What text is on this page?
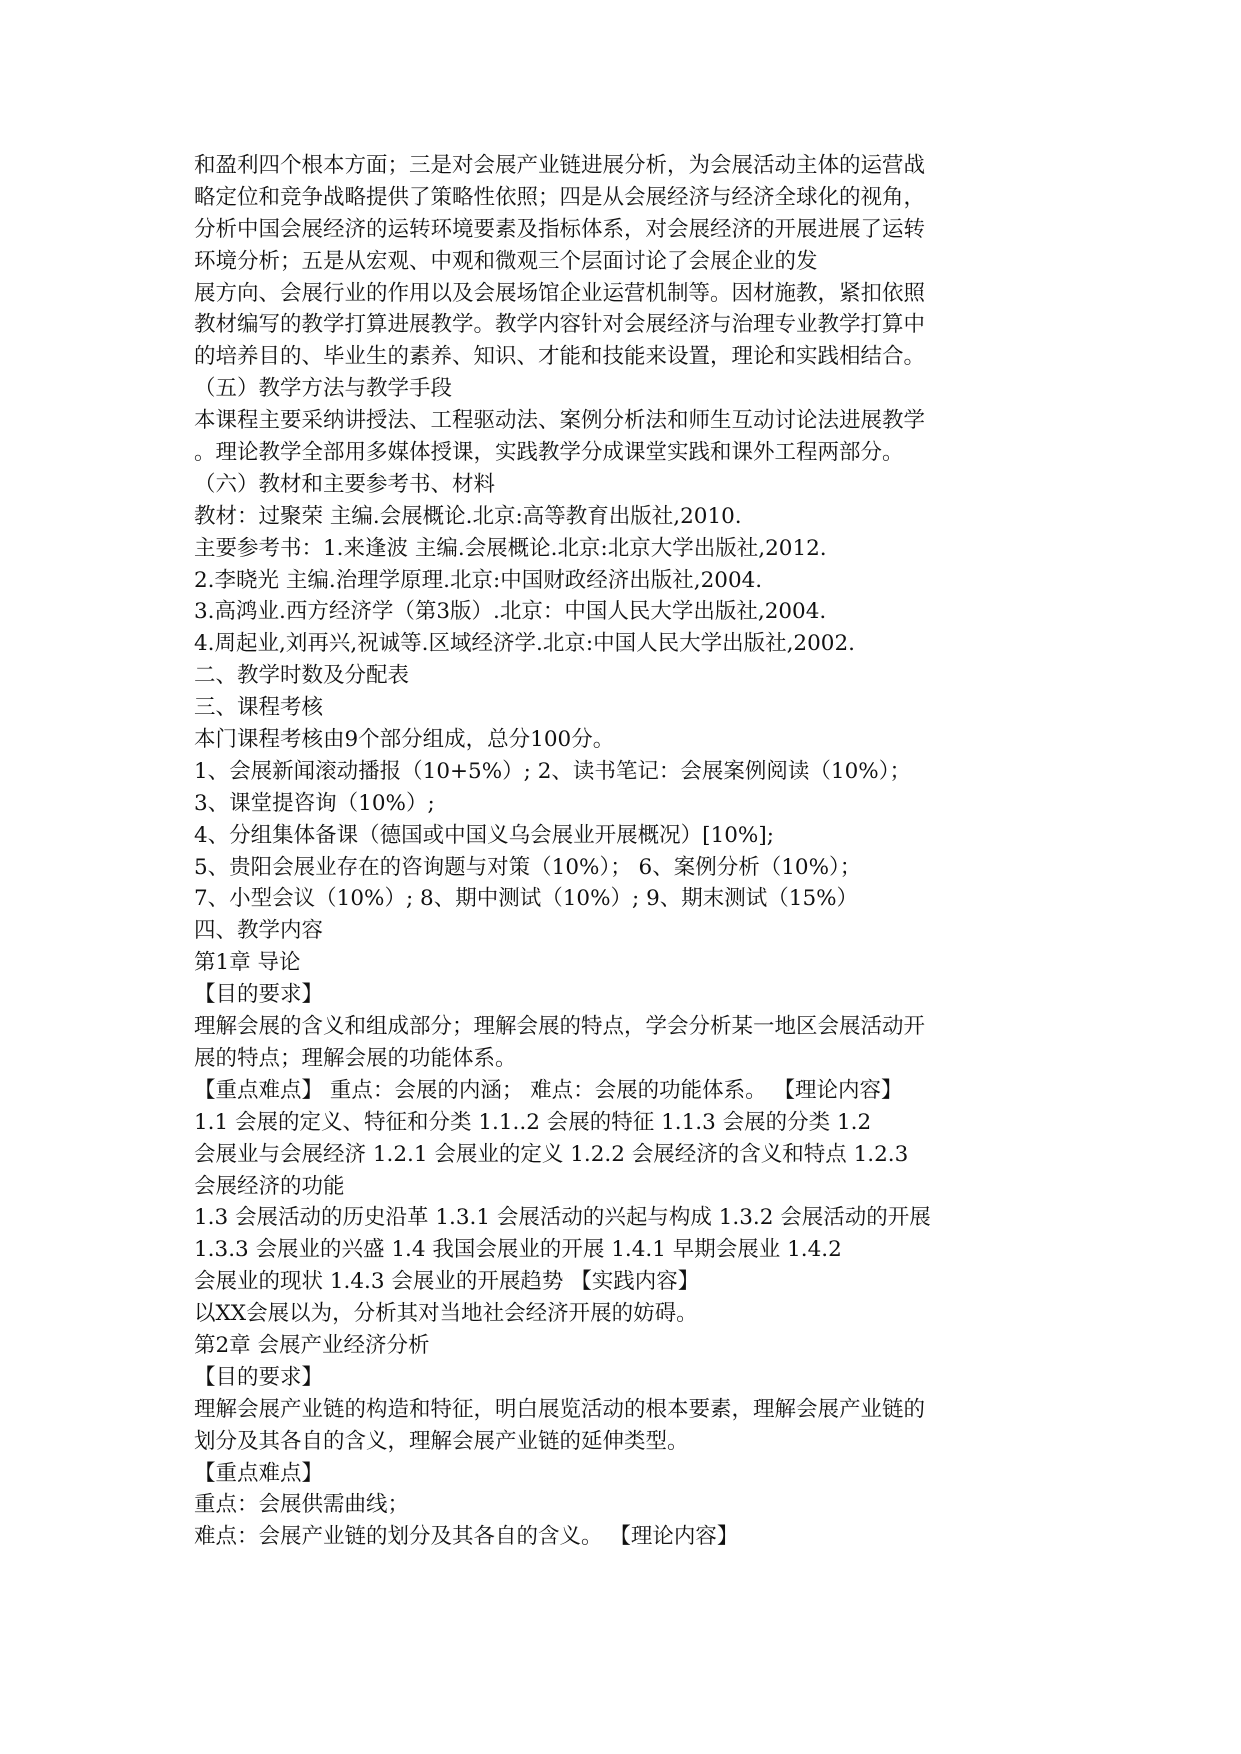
和盈利四个根本方面；三是对会展产业链进展分析，为会展活动主体的运营战
略定位和竞争战略提供了策略性依照；四是从会展经济与经济全球化的视角，
分析中国会展经济的运转环境要素及指标体系，对会展经济的开展进展了运转
环境分析；五是从宏观、中观和微观三个层面讨论了会展企业的发
展方向、会展行业的作用以及会展场馆企业运营机制等。因材施教，紧扣依照
教材编写的教学打算进展教学。教学内容针对会展经济与治理专业教学打算中
的培养目的、毕业生的素养、知识、才能和技能来设置，理论和实践相结合。
（五）教学方法与教学手段
本课程主要采纳讲授法、工程驱动法、案例分析法和师生互动讨论法进展教学
。理论教学全部用多媒体授课，实践教学分成课堂实践和课外工程两部分。
（六）教材和主要参考书、材料
教材：过聚荣 主编.会展概论.北京:高等教育出版社,2010.
主要参考书：1.来逢波 主编.会展概论.北京:北京大学出版社,2012.
2.李晓光 主编.治理学原理.北京:中国财政经济出版社,2004.
3.高鸿业.西方经济学（第3版）.北京：中国人民大学出版社,2004.
4.周起业,刘再兴,祝诚等.区域经济学.北京:中国人民大学出版社,2002.
二、教学时数及分配表
三、课程考核
本门课程考核由9个部分组成，总分100分。
1、会展新闻滚动播报（10+5%）; 2、读书笔记：会展案例阅读（10%）；
3、课堂提咨询（10%）;
4、分组集体备课（德国或中国义乌会展业开展概况）[10%];
5、贵阳会展业存在的咨询题与对策（10%）； 6、案例分析（10%）；
7、小型会议（10%）; 8、期中测试（10%）; 9、期末测试（15%）
四、教学内容
第1章 导论
【目的要求】
理解会展的含义和组成部分；理解会展的特点，学会分析某一地区会展活动开
展的特点；理解会展的功能体系。
【重点难点】 重点：会展的内涵； 难点：会展的功能体系。 【理论内容】
1.1 会展的定义、特征和分类 1.1..2 会展的特征 1.1.3 会展的分类 1.2
会展业与会展经济 1.2.1 会展业的定义 1.2.2 会展经济的含义和特点 1.2.3
会展经济的功能
1.3 会展活动的历史沿革 1.3.1 会展活动的兴起与构成 1.3.2 会展活动的开展
1.3.3 会展业的兴盛 1.4 我国会展业的开展 1.4.1 早期会展业 1.4.2
会展业的现状 1.4.3 会展业的开展趋势 【实践内容】
以XX会展以为，分析其对当地社会经济开展的妨碍。
第2章 会展产业经济分析
【目的要求】
理解会展产业链的构造和特征，明白展览活动的根本要素，理解会展产业链的
划分及其各自的含义，理解会展产业链的延伸类型。
【重点难点】
重点：会展供需曲线；
难点：会展产业链的划分及其各自的含义。 【理论内容】
